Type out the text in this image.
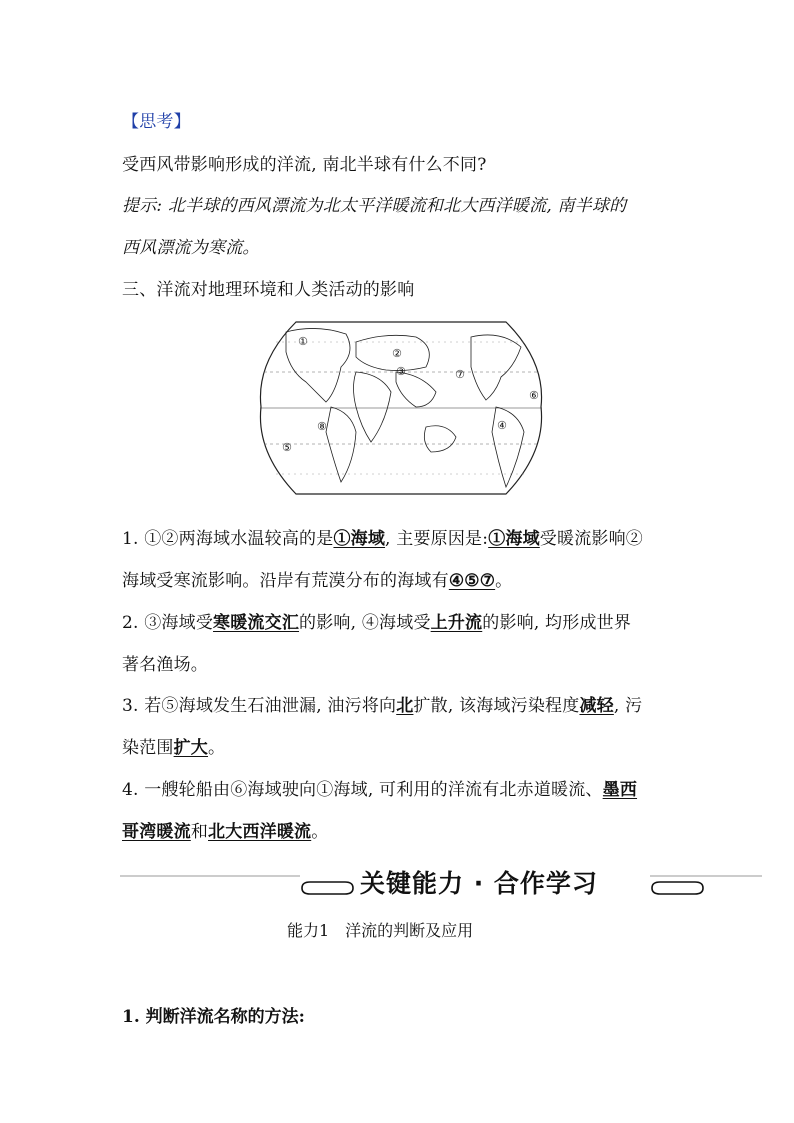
【思考】
受西风带影响形成的洋流, 南北半球有什么不同?
提示: 北半球的西风漂流为北太平洋暖流和北大西洋暖流, 南半球的
西风漂流为寒流。
三、洋流对地理环境和人类活动的影响
①
②
③
④
⑤
⑥
⑦
⑧
1. ①②两海域水温较高的是①海域, 主要原因是:①海域受暖流影响②
海域受寒流影响。沿岸有荒漠分布的海域有④⑤⑦。
2. ③海域受寒暖流交汇的影响, ④海域受上升流的影响, 均形成世界
著名渔场。
3. 若⑤海域发生石油泄漏, 油污将向北扩散, 该海域污染程度减轻, 污
染范围扩大。
4. 一艘轮船由⑥海域驶向①海域, 可利用的洋流有北赤道暖流、墨西
哥湾暖流和北大西洋暖流。
关键能力 · 合作学习
能力1　洋流的判断及应用
1. 判断洋流名称的方法:
